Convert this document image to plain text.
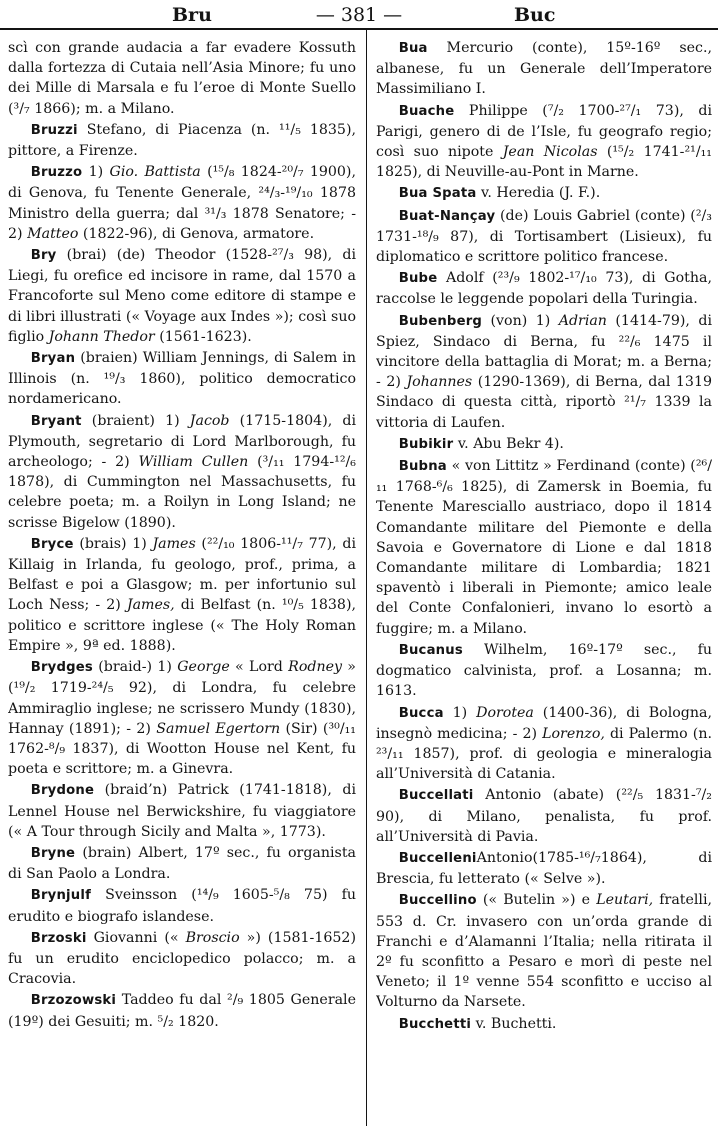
Bru	— 381 —	Buc

scì con grande audacia a far evadere Kossuth dalla fortezza di Cutaia nell’Asia Minore; fu uno dei Mille di Marsala e fu l’eroe di Monte Suello (³/₇ 1866); m. a Milano.

Bruzzi Stefano, di Piacenza (n. ¹¹/₅ 1835), pittore, a Firenze.

Bruzzo 1) Gio. Battista (¹⁵/₈ 1824-²⁰/₇ 1900), di Genova, fu Tenente Generale, ²⁴/₃-¹⁹/₁₀ 1878 Ministro della guerra; dal ³¹/₃ 1878 Senatore; - 2) Matteo (1822-96), di Genova, armatore.

Bry (brai) (de) Theodor (1528-²⁷/₃ 98), di Liegi, fu orefice ed incisore in rame, dal 1570 a Francoforte sul Meno come editore di stampe e di libri illustrati (« Voyage aux Indes »); così suo figlio Johann Thedor (1561-1623).

Bryan (braien) William Jennings, di Salem in Illinois (n. ¹⁹/₃ 1860), politico democratico nordamericano.

Bryant (braient) 1) Jacob (1715-1804), di Plymouth, segretario di Lord Marlborough, fu archeologo; - 2) William Cullen (³/₁₁ 1794-¹²/₆ 1878), di Cummington nel Massachusetts, fu celebre poeta; m. a Roilyn in Long Island; ne scrisse Bigelow (1890).

Bryce (brais) 1) James (²²/₁₀ 1806-¹¹/₇ 77), di Killaig in Irlanda, fu geologo, prof., prima, a Belfast e poi a Glasgow; m. per infortunio sul Loch Ness; - 2) James, di Belfast (n. ¹⁰/₅ 1838), politico e scrittore inglese (« The Holy Roman Empire », 9ª ed. 1888).

Brydges (braid-) 1) George « Lord Rodney » (¹⁹/₂ 1719-²⁴/₅ 92), di Londra, fu celebre Ammiraglio inglese; ne scrissero Mundy (1830), Hannay (1891); - 2) Samuel Egertorn (Sir) (³⁰/₁₁ 1762-⁸/₉ 1837), di Wootton House nel Kent, fu poeta e scrittore; m. a Ginevra.

Brydone (braid’n) Patrick (1741-1818), di Lennel House nel Berwickshire, fu viaggiatore (« A Tour through Sicily and Malta », 1773).

Bryne (brain) Albert, 17º sec., fu organista di San Paolo a Londra.

Brynjulf Sveinsson (¹⁴/₉ 1605-⁵/₈ 75) fu erudito e biografo islandese.

Brzoski Giovanni (« Broscio ») (1581-1652) fu un erudito enciclopedico polacco; m. a Cracovia.

Brzozowski Taddeo fu dal ²/₉ 1805 Generale (19º) dei Gesuiti; m. ⁵/₂ 1820.

Bua Mercurio (conte), 15º-16º sec., albanese, fu un Generale dell’Imperatore Massimiliano I.

Buache Philippe (⁷/₂ 1700-²⁷/₁ 73), di Parigi, genero di de l’Isle, fu geografo regio; così suo nipote Jean Nicolas (¹⁵/₂ 1741-²¹/₁₁ 1825), di Neuville-au-Pont in Marne.

Bua Spata v. Heredia (J. F.).

Buat-Nançay (de) Louis Gabriel (conte) (²/₃ 1731-¹⁸/₉ 87), di Tortisambert (Lisieux), fu diplomatico e scrittore politico francese.

Bube Adolf (²³/₉ 1802-¹⁷/₁₀ 73), di Gotha, raccolse le leggende popolari della Turingia.

Bubenberg (von) 1) Adrian (1414-79), di Spiez, Sindaco di Berna, fu ²²/₆ 1475 il vincitore della battaglia di Morat; m. a Berna; - 2) Johannes (1290-1369), di Berna, dal 1319 Sindaco di questa città, riportò ²¹/₇ 1339 la vittoria di Laufen.

Bubikir v. Abu Bekr 4).

Bubna « von Littitz » Ferdinand (conte) (²⁶/₁₁ 1768-⁶/₆ 1825), di Zamersk in Boemia, fu Tenente Maresciallo austriaco, dopo il 1814 Comandante militare del Piemonte e della Savoia e Governatore di Lione e dal 1818 Comandante militare di Lombardia; 1821 spaventò i liberali in Piemonte; amico leale del Conte Confalonieri, invano lo esortò a fuggire; m. a Milano.

Bucanus Wilhelm, 16º-17º sec., fu dogmatico calvinista, prof. a Losanna; m. 1613.

Bucca 1) Dorotea (1400-36), di Bologna, insegnò medicina; - 2) Lorenzo, di Palermo (n. ²³/₁₁ 1857), prof. di geologia e mineralogia all’Università di Catania.

Buccellati Antonio (abate) (²²/₅ 1831-⁷/₂ 90), di Milano, penalista, fu prof. all’Università di Pavia.

BuccelleniAntonio(1785-¹⁶/₇1864), di Brescia, fu letterato (« Selve »).

Buccellino (« Butelin ») e Leutari, fratelli, 553 d. Cr. invasero con un’orda grande di Franchi e d’Alamanni l’Italia; nella ritirata il 2º fu sconfitto a Pesaro e morì di peste nel Veneto; il 1º venne 554 sconfitto e ucciso al Volturno da Narsete.

Bucchetti v. Buchetti.
